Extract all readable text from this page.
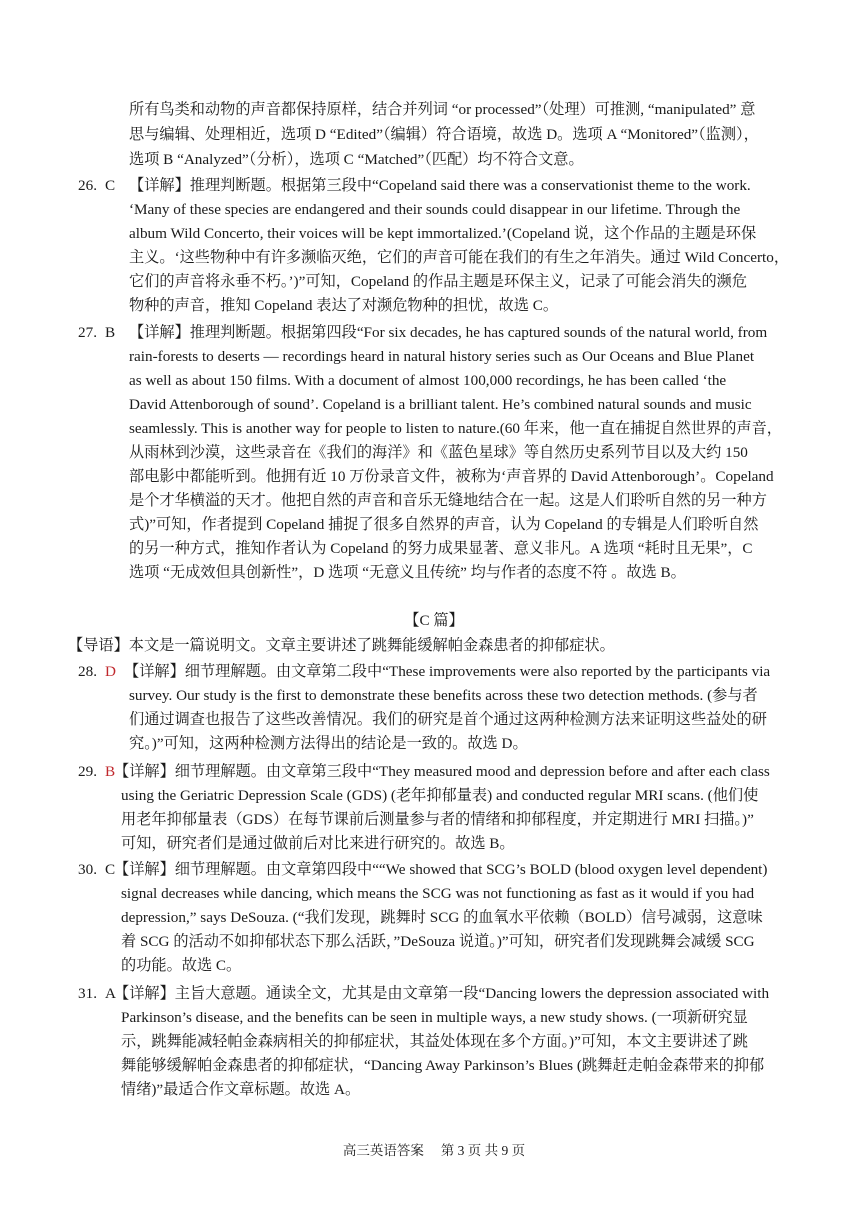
所有鸟类和动物的声音都保持原样，结合并列词 “or processed”（处理）可推测, “manipulated” 意
思与编辑、处理相近，选项 D “Edited”（编辑）符合语境，故选 D。选项 A “Monitored”（监测），
选项 B “Analyzed”（分析），选项 C “Matched”（匹配）均不符合文意。
26. C 【详解】推理判断题。根据第三段中“Copeland said there was a conservationist theme to the work.
‘Many of these species are endangered and their sounds could disappear in our lifetime. Through the
album Wild Concerto, their voices will be kept immortalized.’(Copeland 说，这个作品的主题是环保
主义。‘这些物种中有许多濒临灭绝，它们的声音可能在我们的有生之年消失。通过 Wild Concerto，
它们的声音将永垂不朽。’)”可知，Copeland 的作品主题是环保主义，记录了可能会消失的濒危
物种的声音，推知 Copeland 表达了对濒危物种的担忧，故选 C。
27. B 【详解】推理判断题。根据第四段“For six decades, he has captured sounds of the natural world, from
rain-forests to deserts — recordings heard in natural history series such as Our Oceans and Blue Planet
as well as about 150 films. With a document of almost 100,000 recordings, he has been called ‘the
David Attenborough of sound’. Copeland is a brilliant talent. He’s combined natural sounds and music
seamlessly. This is another way for people to listen to nature.(60 年来，他一直在捕捉自然世界的声音，
从雨林到沙漠，这些录音在《我们的海洋》和《蓝色星球》等自然历史系列节目以及大约 150
部电影中都能听到。他拥有近 10 万份录音文件，被称为‘声音界的 David Attenborough’。Copeland
是个才华横溢的天才。他把自然的声音和音乐无缝地结合在一起。这是人们聆听自然的另一种方
式)”可知，作者提到 Copeland 捕捉了很多自然界的声音，认为 Copeland 的专辑是人们聆听自然
的另一种方式，推知作者认为 Copeland 的努力成果显著、意义非凡。A 选项 “耗时且无果”，C
选项 “无成效但具创新性”，D 选项 “无意义且传统” 均与作者的态度不符 。故选 B。
【C 篇】
【导语】本文是一篇说明文。文章主要讲述了跳舞能缓解帕金森患者的抑郁症状。
28. D 【详解】细节理解题。由文章第二段中“These improvements were also reported by the participants via
survey. Our study is the first to demonstrate these benefits across these two detection methods. (参与者
们通过调查也报告了这些改善情况。我们的研究是首个通过这两种检测方法来证明这些益处的研
究。)”可知，这两种检测方法得出的结论是一致的。故选 D。
29. B
【详解】细节理解题。由文章第三段中“They measured mood and depression before and after each class
using the Geriatric Depression Scale (GDS) (老年抑郁量表) and conducted regular MRI scans. (他们使
用老年抑郁量表（GDS）在每节课前后测量参与者的情绪和抑郁程度，并定期进行 MRI 扫描。)”
可知，研究者们是通过做前后对比来进行研究的。故选 B。
30. C
【详解】细节理解题。由文章第四段中““We showed that SCG’s BOLD (blood oxygen level dependent)
signal decreases while dancing, which means the SCG was not functioning as fast as it would if you had
depression,” says DeSouza. (“我们发现，跳舞时 SCG 的血氧水平依赖（BOLD）信号减弱，这意味
着 SCG 的活动不如抑郁状态下那么活跃，”DeSouza 说道。)”可知，研究者们发现跳舞会减缓 SCG
的功能。故选 C。
31. A
【详解】主旨大意题。通读全文，尤其是由文章第一段“Dancing lowers the depression associated with
Parkinson’s disease, and the benefits can be seen in multiple ways, a new study shows. (一项新研究显
示，跳舞能减轻帕金森病相关的抑郁症状，其益处体现在多个方面。)”可知，本文主要讲述了跳
舞能够缓解帕金森患者的抑郁症状，“Dancing Away Parkinson’s Blues (跳舞赶走帕金森带来的抑郁
情绪)”最适合作文章标题。故选 A。
高三英语答案　 第 3 页 共 9 页
